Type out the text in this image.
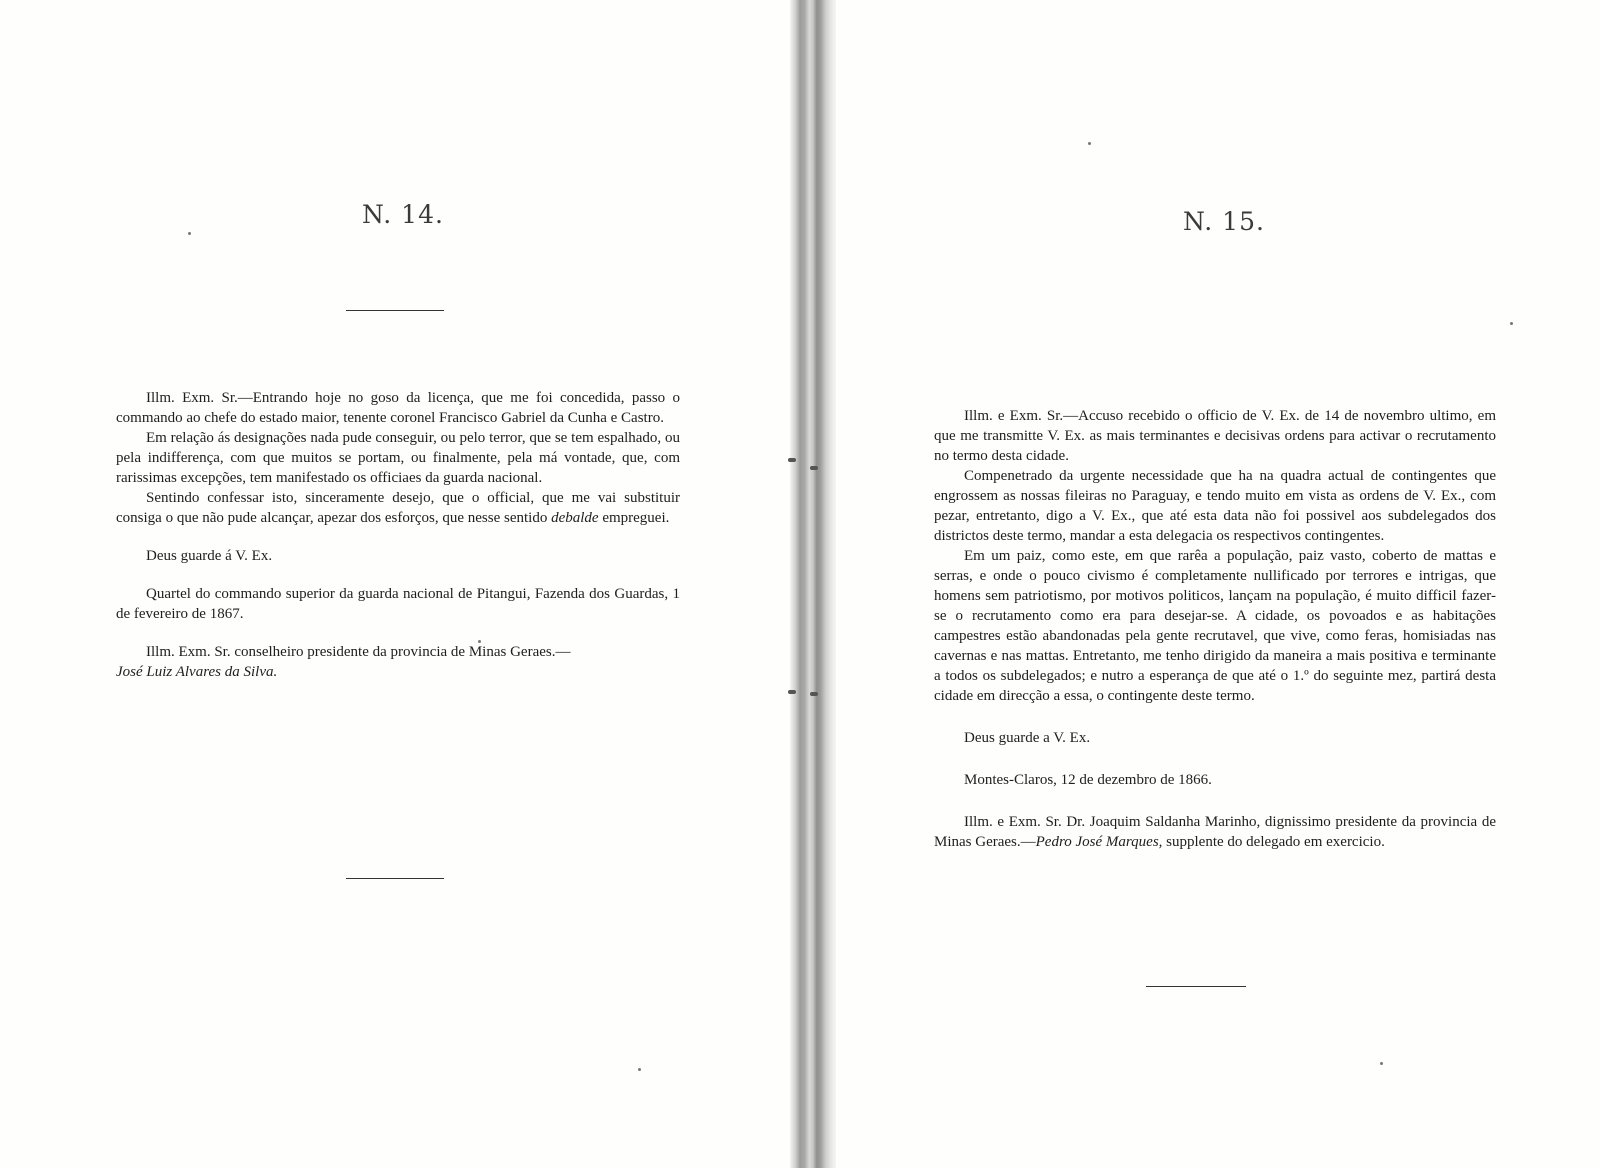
N. 14.

Illm. Exm. Sr.—Entrando hoje no goso da licença, que me foi concedida, passo o commando ao chefe do estado maior, tenente coronel Francisco Gabriel da Cunha e Castro.

Em relação ás designações nada pude conseguir, ou pelo terror, que se tem espalhado, ou pela indifferença, com que muitos se portam, ou finalmente, pela má vontade, que, com rarissimas excepções, tem manifestado os officiaes da guarda nacional.

Sentindo confessar isto, sinceramente desejo, que o official, que me vai substituir consiga o que não pude alcançar, apezar dos esforços, que nesse sentido debalde empreguei.

Deus guarde á V. Ex.

Quartel do commando superior da guarda nacional de Pitangui, Fazenda dos Guardas, 1 de fevereiro de 1867.

Illm. Exm. Sr. conselheiro presidente da provincia de Minas Geraes.—

José Luiz Alvares da Silva.

N. 15.

Illm. e Exm. Sr.—Accuso recebido o officio de V. Ex. de 14 de novembro ultimo, em que me transmitte V. Ex. as mais terminantes e decisivas ordens para activar o recrutamento no termo desta cidade.

Compenetrado da urgente necessidade que ha na quadra actual de contingentes que engrossem as nossas fileiras no Paraguay, e tendo muito em vista as ordens de V. Ex., com pezar, entretanto, digo a V. Ex., que até esta data não foi possivel aos subdelegados dos districtos deste termo, mandar a esta delegacia os respectivos contingentes.

Em um paiz, como este, em que rarêa a população, paiz vasto, coberto de mattas e serras, e onde o pouco civismo é completamente nullificado por terrores e intrigas, que homens sem patriotismo, por motivos politicos, lançam na população, é muito difficil fazer-se o recrutamento como era para desejar-se. A cidade, os povoados e as habitações campestres estão abandonadas pela gente recrutavel, que vive, como feras, homisiadas nas cavernas e nas mattas. Entretanto, me tenho dirigido da maneira a mais positiva e terminante a todos os subdelegados; e nutro a esperança de que até o 1.º do seguinte mez, partirá desta cidade em direcção a essa, o contingente deste termo.

Deus guarde a V. Ex.

Montes-Claros, 12 de dezembro de 1866.

Illm. e Exm. Sr. Dr. Joaquim Saldanha Marinho, dignissimo presidente da provincia de Minas Geraes.—Pedro José Marques, supplente do delegado em exercicio.
